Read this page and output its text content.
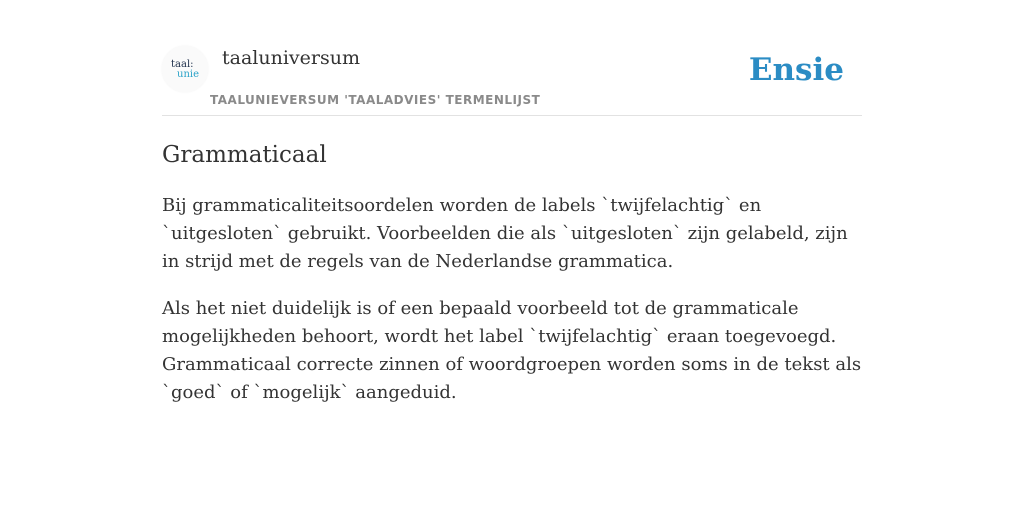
taal:
unie
taaluniversum
TAALUNIEVERSUM 'TAALADVIES' TERMENLIJST
Ensie
Grammaticaal

Bij grammaticaliteitsoordelen worden de labels `twijfelachtig` en `uitgesloten` gebruikt. Voorbeelden die als `uitgesloten` zijn gelabeld, zijn in strijd met de regels van de Nederlandse grammatica.

Als het niet duidelijk is of een bepaald voorbeeld tot de grammaticale mogelijkheden behoort, wordt het label `twijfelachtig` eraan toegevoegd. Grammaticaal correcte zinnen of woordgroepen worden soms in de tekst als `goed` of `mogelijk` aangeduid.
